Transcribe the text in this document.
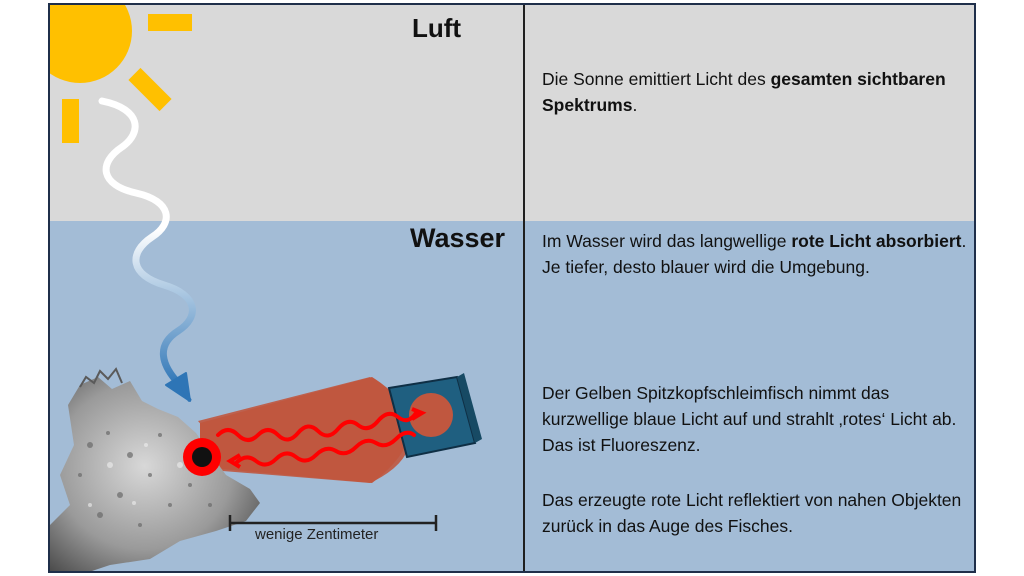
Luft
Wasser
wenige Zentimeter
Die Sonne emittiert Licht des gesamten sichtbaren Spektrums.
Im Wasser wird das langwellige rote Licht absorbiert. Je tiefer, desto blauer wird die Umgebung.
Der Gelben Spitzkopfschleimfisch nimmt das kurzwellige blaue Licht auf und strahlt ‚rotes‘ Licht ab. Das ist Fluoreszenz.
Das erzeugte rote Licht reflektiert von nahen Objekten zurück in das Auge des Fisches.
